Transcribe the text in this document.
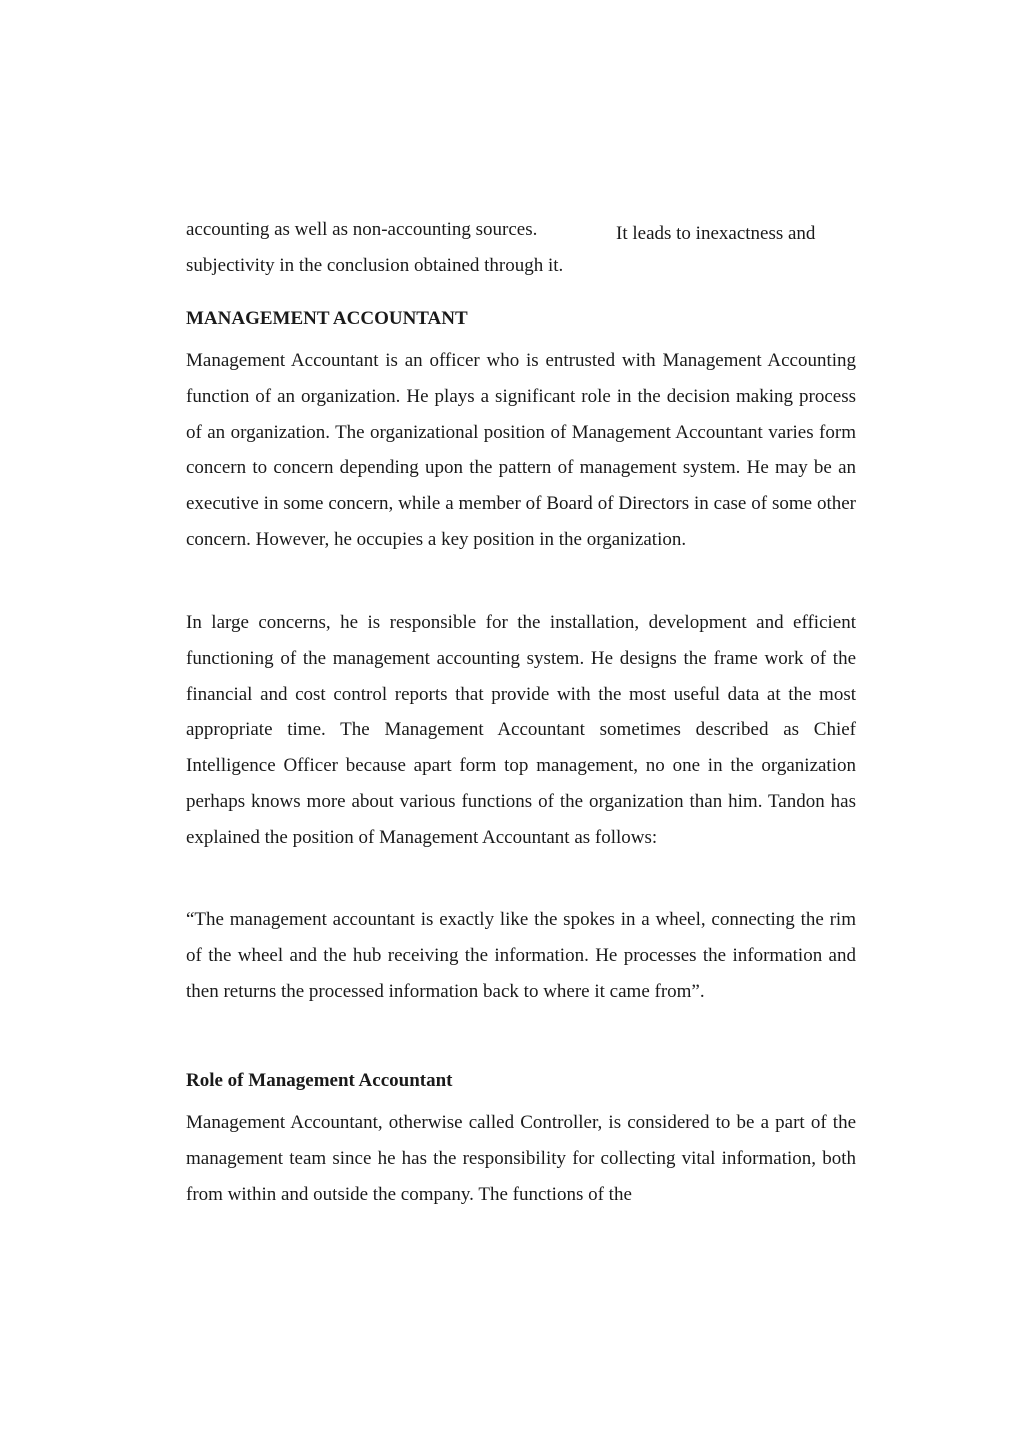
accounting as well as non-accounting sources.	It leads to inexactness and
subjectivity in the conclusion obtained through it.
MANAGEMENT ACCOUNTANT

Management Accountant is an officer who is entrusted with Management Accounting function of an organization. He plays a significant role in the decision making process of an organization. The organizational position of Management Accountant varies form concern to concern depending upon the pattern of management system. He may be an executive in some concern, while a member of Board of Directors in case of some other concern. However, he occupies a key position in the organization.

In large concerns, he is responsible for the installation, development and efficient functioning of the management accounting system. He designs the frame work of the financial and cost control reports that provide with the most useful data at the most appropriate time. The Management Accountant sometimes described as Chief Intelligence Officer because apart form top management, no one in the organization perhaps knows more about various functions of the organization than him. Tandon has explained the position of Management Accountant as follows:

“The management accountant is exactly like the spokes in a wheel, connecting the rim of the wheel and the hub receiving the information. He processes the information and then returns the processed information back to where it came from”.

Role of Management Accountant

Management Accountant, otherwise called Controller, is considered to be a part of the management team since he has the responsibility for collecting vital information, both from within and outside the company. The functions of the
